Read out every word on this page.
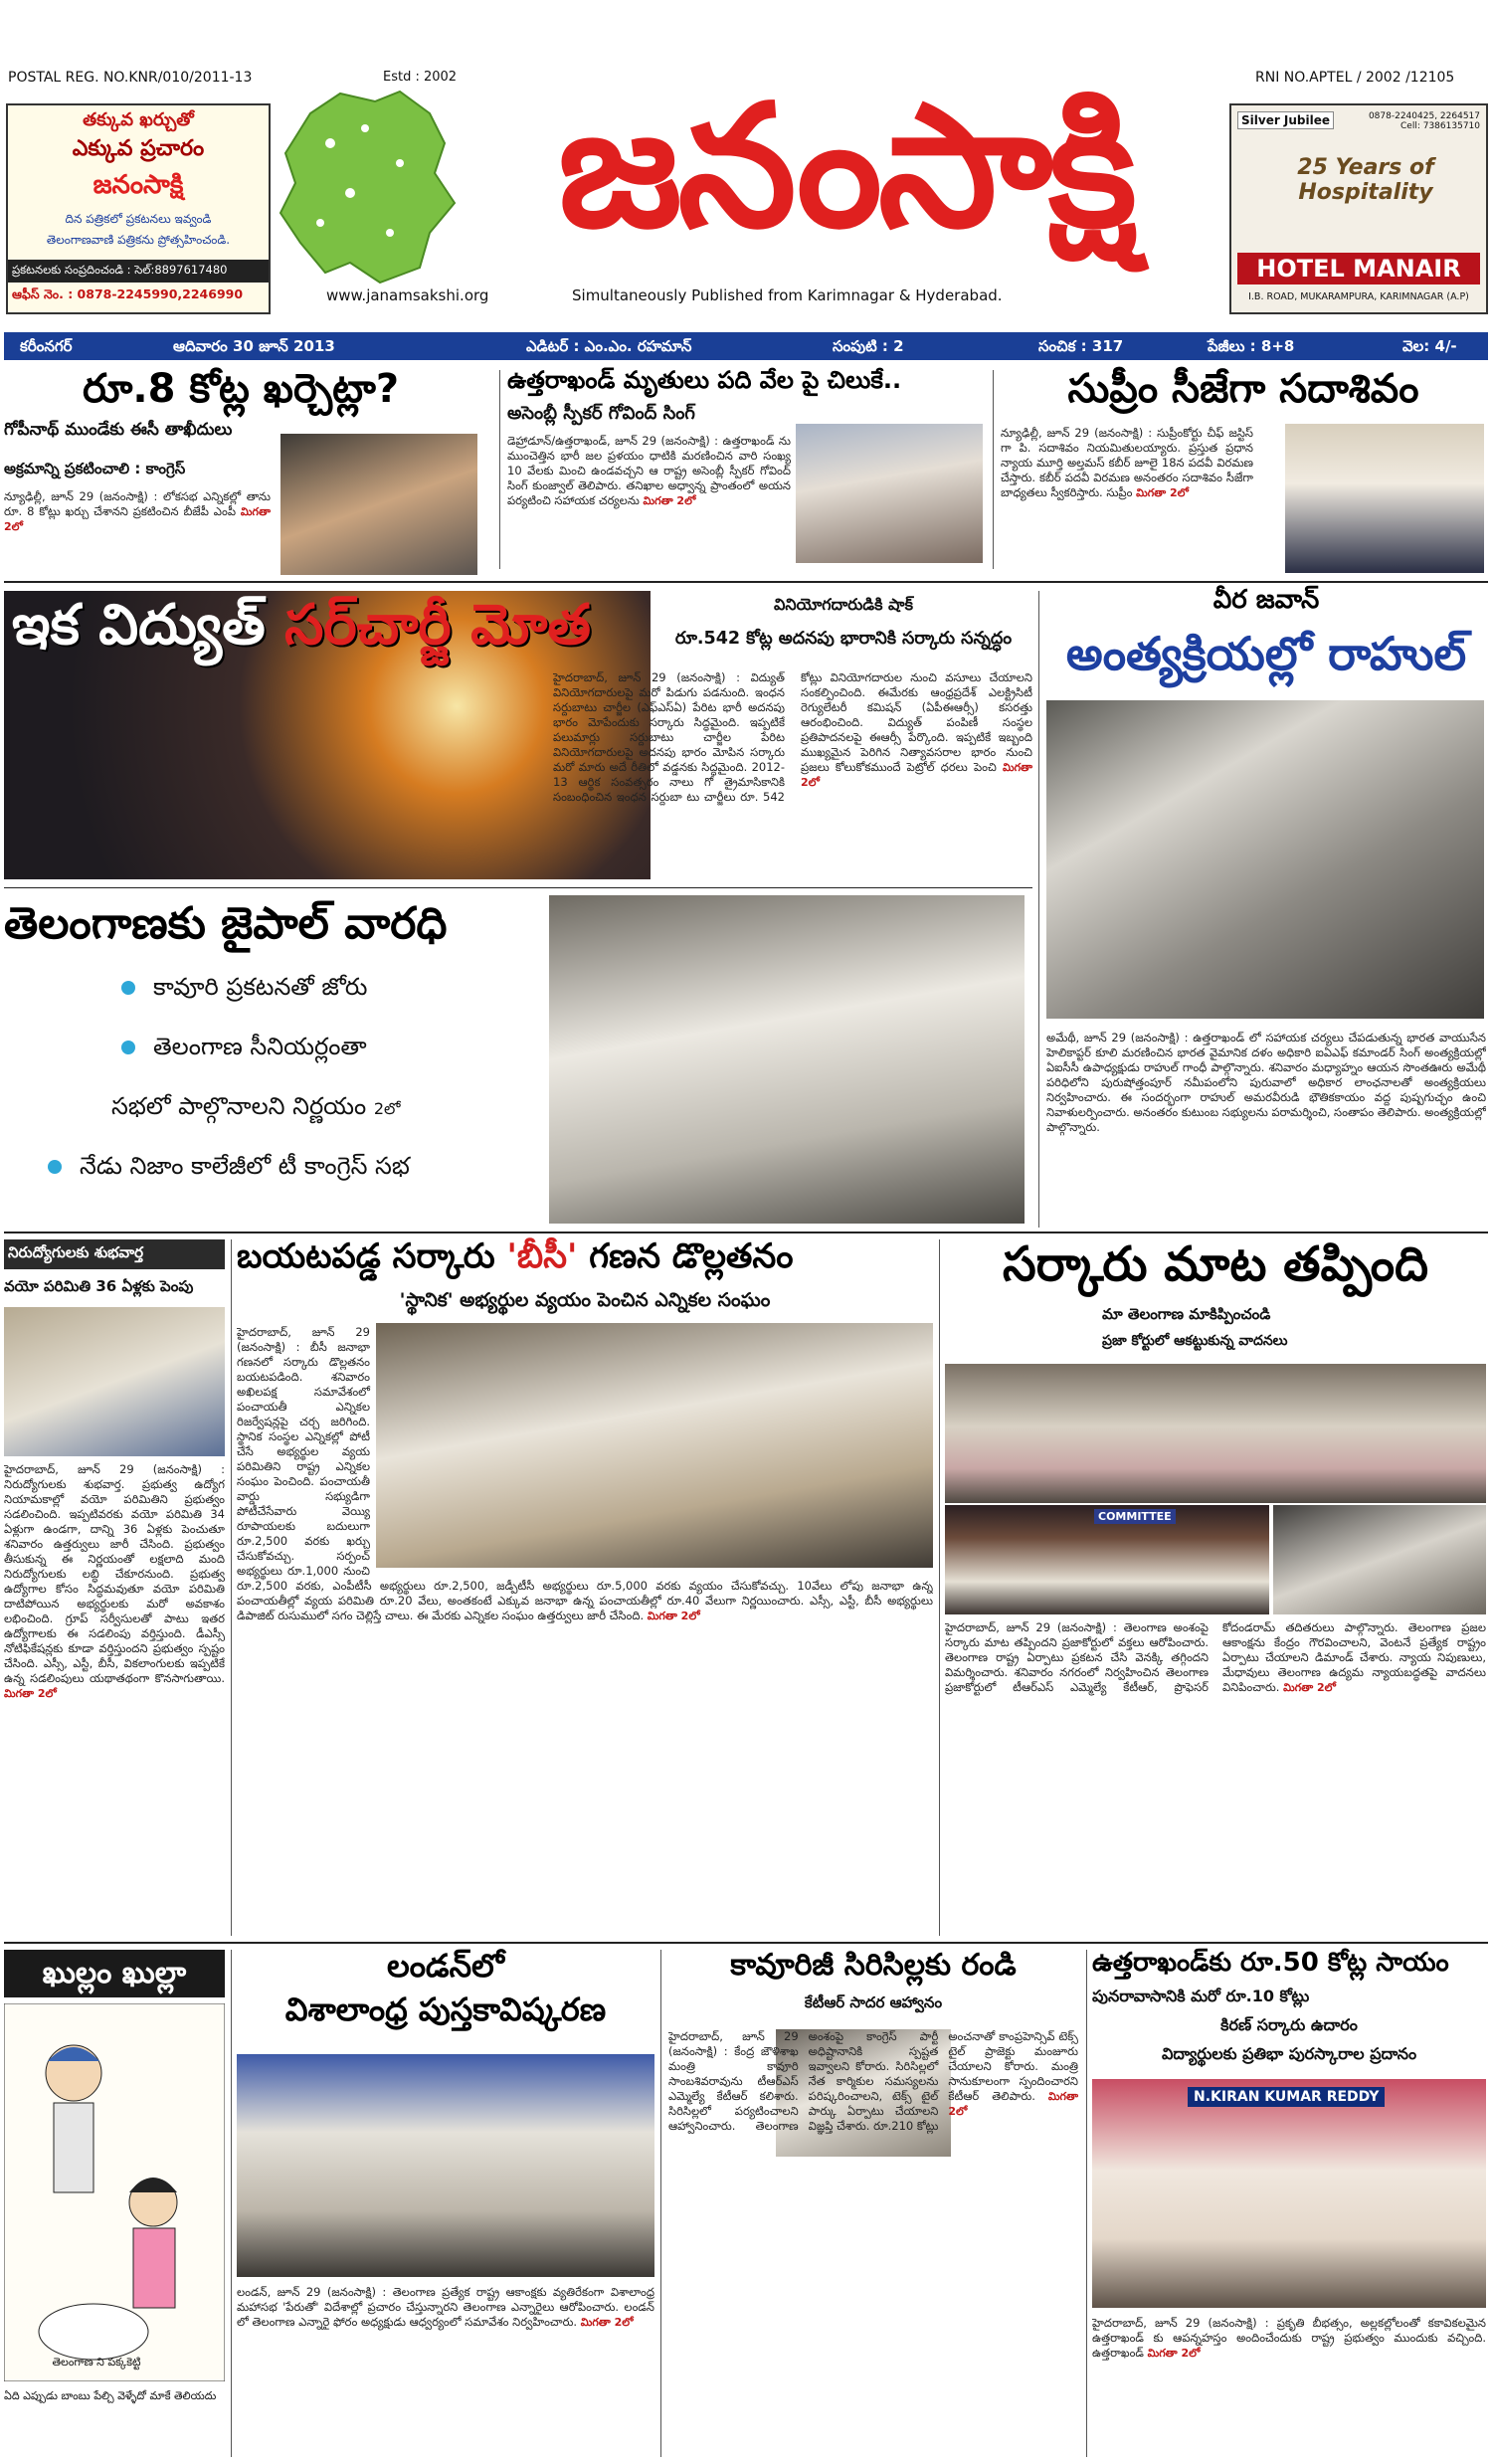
POSTAL REG. NO.KNR/010/2011-13	Estd : 2002	RNI NO.APTEL / 2002 /12105
తక్కువ ఖర్చుతో
ఎక్కువ ప్రచారం
జనంసాక్షి
దిన పత్రికలో ప్రకటనలు ఇవ్వండి
తెలంగాణవాణి పత్రికను ప్రోత్సహించండి.
ప్రకటనలకు సంప్రదించండి : సెల్:8897617480
ఆఫీస్ నెం. : 0878-2245990,2246990
జనంసాక్షి
www.janamsakshi.org	Simultaneously Published from Karimnagar & Hyderabad.
Silver Jubilee	0878-2240425, 2264517 Cell: 7386135710
25 Years of Hospitality
HOTEL MANAIR
I.B. ROAD, MUKARAMPURA, KARIMNAGAR (A.P)
కరీంనగర్	ఆదివారం 30 జూన్ 2013	ఎడిటర్ : ఎం.ఎం. రహమాన్	సంపుటి : 2	సంచిక : 317	పేజీలు : 8+8	వెల: 4/-
రూ.8 కోట్ల ఖర్చెట్లా?
గోపీనాథ్ ముండేకు ఈసీ తాఖీదులు
అక్రమాన్ని ప్రకటించాలి : కాంగ్రెస్
న్యూఢిల్లీ, జూన్ 29 (జనంసాక్షి) : లోకసభ ఎన్నికల్లో తాను రూ. 8 కోట్లు ఖర్చు చేశానని ప్రకటించిన బీజేపీ ఎంపీ మిగతా 2లో
ఉత్తరాఖండ్ మృతులు పది వేల పై చిలుకే..
అసెంబ్లీ స్పీకర్ గోవింద్ సింగ్
డెహ్రాడూన్/ఉత్తరాఖండ్, జూన్ 29 (జనంసాక్షి) : ఉత్తరాఖండ్ ను ముంచెత్తిన భారీ జల ప్రళయం ధాటికి మరణించిన వారి సంఖ్య 10 వేలకు మించి ఉండవచ్చని ఆ రాష్ట్ర అసెంబ్లీ స్పీకర్ గోవింద్ సింగ్ కుంజ్వాల్ తెలిపారు. తనిఖాల అధ్వాన్న ప్రాంతంలో అయన పర్యటించి సహాయక చర్యలను మిగతా 2లో
సుప్రీం సీజేగా సదాశివం
న్యూఢిల్లీ, జూన్ 29 (జనంసాక్షి) : సుప్రీంకోర్టు చీఫ్ జస్టిస్ గా పి. సదాశివం నియమితులయ్యారు. ప్రస్తుత ప్రధాన న్యాయ మూర్తి అల్తమస్ కబీర్ జూలై 18న పదవీ విరమణ చేస్తారు. కబీర్ పదవీ విరమణ అనంతరం సదాశివం సీజేగా బాధ్యతలు స్వీకరిస్తారు. సుప్రీం మిగతా 2లో
ఇక విద్యుత్ సర్‌చార్జీ మోత	వినియోగదారుడికి షాక్
రూ.542 కోట్ల అదనపు భారానికి సర్కారు సన్నద్ధం
హైదరాబాద్, జూన్ 29 (జనంసాక్షి) : విద్యుత్ వినియోగదారులపై మరో పిడుగు పడనుంది. ఇంధన సర్దుబాటు చార్జీల (ఎఫ్ఎస్ఏ) పేరిట భారీ అదనపు భారం మోపేందుకు సర్కారు సిద్ధమైంది. ఇప్పటికే పలుమార్లు సర్దుబాటు చార్జీల పేరిట వినియోగదారులపై అదనపు భారం మోపిన సర్కారు మరో మారు అదే రీతిలో వడ్డనకు సిద్ధమైంది. 2012-13 ఆర్థిక సంవత్సరం నాలు గో త్రైమాసికానికి సంబంధించిన ఇంధన సర్దుబా టు చార్జీలు రూ. 542 కోట్లు వినియోగదారుల నుంచి వసూలు చేయాలని సంకల్పించింది. ఈమేరకు ఆంధ్రప్రదేశ్ ఎలక్ట్రిసిటీ రెగ్యులేటరీ కమిషన్ (ఏపీఈఆర్సీ) కసరత్తు ఆరంభించింది. విద్యుత్ పంపిణీ సంస్థల ప్రతిపాదనలపై ఈఆర్సీ పేర్కొంది. ఇప్పటికే ఇబ్బంది ముఖ్యమైన పెరిగిన నిత్యావసరాల భారం నుంచి ప్రజలు కోలుకోకముందే పెట్రోల్ ధరలు పెంచి మిగతా 2లో
వీర జవాన్
అంత్యక్రియల్లో రాహుల్
అమేథీ, జూన్ 29 (జనంసాక్షి) : ఉత్తరాఖండ్ లో సహాయక చర్యలు చేపడుతున్న భారత వాయుసేన హెలికాప్టర్ కూలి మరణించిన భారత వైమానిక దళం అధికారి ఐఏఎఫ్ కమాండర్ సింగ్ అంత్యక్రియల్లో ఏఐసీసీ ఉపాధ్యక్షుడు రాహుల్ గాంధీ పాల్గొన్నారు. శనివారం మధ్యాహ్నం ఆయన సొంతఊరు అమేథీ పరిధిలోని పురుషోత్తంపూర్ నమీపంలోని పురువాలో అధికార లాంఛనాలతో అంత్యక్రియలు నిర్వహించారు. ఈ సందర్భంగా రాహుల్ అమరవీరుడి భౌతికకాయం వద్ద పుష్పగుచ్ఛం ఉంచి నివాళులర్పించారు. అనంతరం కుటుంబ సభ్యులను పరామర్శించి, సంతాపం తెలిపారు. అంత్యక్రియల్లో పాల్గొన్నారు.
తెలంగాణకు జైపాల్ వారధి
కావూరి ప్రకటనతో జోరు
తెలంగాణ సీనియర్లంతా
సభలో పాల్గొనాలని నిర్ణయం 2లో
నేడు నిజాం కాలేజీలో టీ కాంగ్రెస్ సభ
నిరుద్యోగులకు శుభవార్త
వయో పరిమితి 36 ఏళ్లకు పెంపు
హైదరాబాద్, జూన్ 29 (జనంసాక్షి) : నిరుద్యోగులకు శుభవార్త. ప్రభుత్వ ఉద్యోగ నియామకాల్లో వయో పరిమితిని ప్రభుత్వం సడలించింది. ఇప్పటివరకు వయో పరిమితి 34 ఏళ్లుగా ఉండగా, దాన్ని 36 ఏళ్లకు పెంచుతూ శనివారం ఉత్తర్వులు జారీ చేసింది. ప్రభుత్వం తీసుకున్న ఈ నిర్ణయంతో లక్షలాది మంది నిరుద్యోగులకు లబ్ధి చేకూరనుంది. ప్రభుత్వ ఉద్యోగాల కోసం సిద్ధమవుతూ వయో పరిమితి దాటిపోయిన అభ్యర్థులకు మరో అవకాశం లభించింది. గ్రూప్ సర్వీసులతో పాటు ఇతర ఉద్యోగాలకు ఈ సడలింపు వర్తిస్తుంది. డీఎస్సీ నోటిఫికేషన్లకు కూడా వర్తిస్తుందని ప్రభుత్వం స్పష్టం చేసింది. ఎస్సీ, ఎస్టీ, బీసీ, వికలాంగులకు ఇప్పటికే ఉన్న సడలింపులు యథాతథంగా కొనసాగుతాయి. మిగతా 2లో
బయటపడ్డ సర్కారు 'బీసీ' గణన డొల్లతనం
'స్థానిక' అభ్యర్థుల వ్యయం పెంచిన ఎన్నికల సంఘం
హైదరాబాద్, జూన్ 29 (జనంసాక్షి) : బీసీ జనాభా గణనలో సర్కారు డొల్లతనం బయటపడింది. శనివారం అఖిలపక్ష సమావేశంలో పంచాయతీ ఎన్నికల రిజర్వేషన్లపై చర్చ జరిగింది. స్థానిక సంస్థల ఎన్నికల్లో పోటీ చేసే అభ్యర్థుల వ్యయ పరిమితిని రాష్ట్ర ఎన్నికల సంఘం పెంచింది. పంచాయతీ వార్డు సభ్యుడిగా పోటీచేసేవారు వెయ్యి రూపాయలకు బదులుగా రూ.2,500 వరకు ఖర్చు చేసుకోవచ్చు. సర్పంచ్ అభ్యర్థులు రూ.1,000 నుంచి రూ.2,500 వరకు, ఎంపీటీసీ అభ్యర్థులు రూ.2,500, జడ్పీటీసీ అభ్యర్థులు రూ.5,000 వరకు వ్యయం చేసుకోవచ్చు. 10వేలు లోపు జనాభా ఉన్న పంచాయతీల్లో వ్యయ పరిమితి రూ.20 వేలు, అంతకంటే ఎక్కువ జనాభా ఉన్న పంచాయతీల్లో రూ.40 వేలుగా నిర్ణయించారు. ఎస్సీ, ఎస్టీ, బీసీ అభ్యర్థులు డిపాజిట్ రుసుములో సగం చెల్లిస్తే చాలు. ఈ మేరకు ఎన్నికల సంఘం ఉత్తర్వులు జారీ చేసింది. మిగతా 2లో
సర్కారు మాట తప్పింది
మా తెలంగాణ మాకిప్పించండి
ప్రజా కోర్టులో ఆకట్టుకున్న వాదనలు
COMMITTEE
హైదరాబాద్, జూన్ 29 (జనంసాక్షి) : తెలంగాణ అంశంపై సర్కారు మాట తప్పిందని ప్రజాకోర్టులో వక్తలు ఆరోపించారు. తెలంగాణ రాష్ట్ర ఏర్పాటు ప్రకటన చేసి వెనక్కి తగ్గిందని విమర్శించారు. శనివారం నగరంలో నిర్వహించిన తెలంగాణ ప్రజాకోర్టులో టీఆర్ఎస్ ఎమ్మెల్యే కేటీఆర్, ప్రొఫెసర్ కోదండరామ్ తదితరులు పాల్గొన్నారు. తెలంగాణ ప్రజల ఆకాంక్షను కేంద్రం గౌరవించాలని, వెంటనే ప్రత్యేక రాష్ట్రం ఏర్పాటు చేయాలని డిమాండ్ చేశారు. న్యాయ నిపుణులు, మేధావులు తెలంగాణ ఉద్యమ న్యాయబద్ధతపై వాదనలు వినిపించారు. మిగతా 2లో
ఖుల్లం ఖుల్లా
తెలంగాణ ని పక్కకెట్టి
ఏది ఎప్పుడు బాంబు పేల్చి వెళ్ళేదో మాకే తెలియదు
లండన్‌లో
విశాలాంధ్ర పుస్తకావిష్కరణ
లండన్, జూన్ 29 (జనంసాక్షి) : తెలంగాణ ప్రత్యేక రాష్ట్ర ఆకాంక్షకు వ్యతిరేకంగా విశాలాంధ్ర మహాసభ 'పేరుతో' విదేశాల్లో ప్రచారం చేస్తున్నారని తెలంగాణ ఎన్నారైలు ఆరోపించారు. లండన్ లో తెలంగాణ ఎన్నారై ఫోరం అధ్యక్షుడు ఆధ్వర్యంలో సమావేశం నిర్వహించారు. మిగతా 2లో
కావూరిజీ సిరిసిల్లకు రండి
కేటీఆర్ సాదర ఆహ్వానం
హైదరాబాద్, జూన్ 29 (జనంసాక్షి) : కేంద్ర జౌళిశాఖ మంత్రి కావూరి సాంబశివరావును టీఆర్ఎస్ ఎమ్మెల్యే కేటీఆర్ కలిశారు. సిరిసిల్లలో పర్యటించాలని ఆహ్వానించారు. తెలంగాణ అంశంపై కాంగ్రెస్ పార్టీ అధిష్టానానికి స్పష్టత ఇవ్వాలని కోరారు. సిరిసిల్లలో నేత కార్మికుల సమస్యలను పరిష్కరించాలని, టెక్స్ టైల్ పార్కు ఏర్పాటు చేయాలని విజ్ఞప్తి చేశారు. రూ.210 కోట్లు అంచనాతో కాంప్రహెన్సివ్ టెక్స్ టైల్ ప్రాజెక్టు మంజూరు చేయాలని కోరారు. మంత్రి సానుకూలంగా స్పందించారని కేటీఆర్ తెలిపారు. మిగతా 2లో
ఉత్తరాఖండ్‌కు రూ.50 కోట్ల సాయం
పునరావాసానికి మరో రూ.10 కోట్లు
కిరణ్ సర్కారు ఉదారం
విద్యార్థులకు ప్రతిభా పురస్కారాల ప్రదానం
N.KIRAN KUMAR REDDY
హైదరాబాద్, జూన్ 29 (జనంసాక్షి) : ప్రకృతి బీభత్సం, అల్లకల్లోలంతో కకావికలమైన ఉత్తరాఖండ్ కు ఆపన్నహస్తం అందించేందుకు రాష్ట్ర ప్రభుత్వం ముందుకు వచ్చింది. ఉత్తరాఖండ్ మిగతా 2లో
